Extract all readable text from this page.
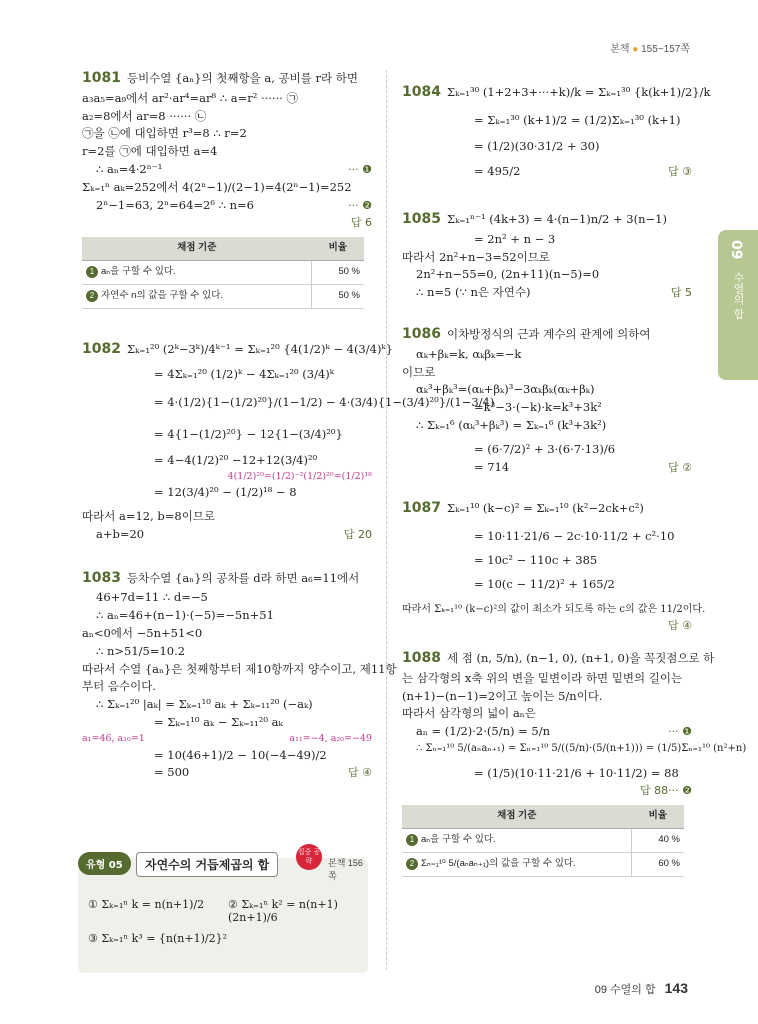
본책 ● 155~157쪽
09
수열의 합
1081 등비수열 {aₙ}의 첫째항을 a, 공비를 r라 하면
a₃a₅=a₉에서 ar²·ar⁴=ar⁸ ∴ a=r² ······ ㉠
a₂=8에서 ar=8 ······ ㉡
㉠을 ㉡에 대입하면 r³=8 ∴ r=2
r=2를 ㉠에 대입하면 a=4
∴ aₙ=4·2ⁿ⁻¹	··· ❶
Σₖ₌₁ⁿ aₖ=252에서 4(2ⁿ−1)/(2−1)=4(2ⁿ−1)=252
2ⁿ−1=63, 2ⁿ=64=2⁶ ∴ n=6	··· ❷
답 6
채점 기준	비율
1 aₙ을 구할 수 있다.	50 %
2 자연수 n의 값을 구할 수 있다.	50 %
1082 Σₖ₌₁²⁰ (2ᵏ−3ᵏ)/4ᵏ⁻¹ = Σₖ₌₁²⁰ {4(1/2)ᵏ − 4(3/4)ᵏ}
= 4Σₖ₌₁²⁰ (1/2)ᵏ − 4Σₖ₌₁²⁰ (3/4)ᵏ
= 4·(1/2){1−(1/2)²⁰}/(1−1/2) − 4·(3/4){1−(3/4)²⁰}/(1−3/4)
= 4{1−(1/2)²⁰} − 12{1−(3/4)²⁰}
= 4−4(1/2)²⁰ −12+12(3/4)²⁰
4(1/2)²⁰=(1/2)⁻²(1/2)²⁰=(1/2)¹⁸
= 12(3/4)²⁰ − (1/2)¹⁸ − 8
따라서 a=12, b=8이므로
a+b=20	답 20
1083 등차수열 {aₙ}의 공차를 d라 하면 a₆=11에서
46+7d=11 ∴ d=−5
∴ aₙ=46+(n−1)·(−5)=−5n+51
aₙ<0에서 −5n+51<0
∴ n>51/5=10.2
따라서 수열 {aₙ}은 첫째항부터 제10항까지 양수이고, 제11항
부터 음수이다.
∴ Σₖ₌₁²⁰ |aₖ| = Σₖ₌₁¹⁰ aₖ + Σₖ₌₁₁²⁰ (−aₖ)
= Σₖ₌₁¹⁰ aₖ − Σₖ₌₁₁²⁰ aₖ
a₁=46, a₁₀=1	a₁₁=−4, a₂₀=−49
= 10(46+1)/2 − 10(−4−49)/2
= 500	답 ④
유형 05	자연수의 거듭제곱의 합
집중 공략	본책 156쪽
① Σₖ₌₁ⁿ k = n(n+1)/2 ② Σₖ₌₁ⁿ k² = n(n+1)(2n+1)/6
③ Σₖ₌₁ⁿ k³ = {n(n+1)/2}²
1084 Σₖ₌₁³⁰ (1+2+3+···+k)/k = Σₖ₌₁³⁰ {k(k+1)/2}/k
= Σₖ₌₁³⁰ (k+1)/2 = (1/2)Σₖ₌₁³⁰ (k+1)
= (1/2)(30·31/2 + 30)
= 495/2	답 ③
1085 Σₖ₌₁ⁿ⁻¹ (4k+3) = 4·(n−1)n/2 + 3(n−1)
= 2n² + n − 3
따라서 2n²+n−3=52이므로
2n²+n−55=0, (2n+11)(n−5)=0
∴ n=5 (∵ n은 자연수)	답 5
1086 이차방정식의 근과 계수의 관계에 의하여
αₖ+βₖ=k, αₖβₖ=−k
이므로
αₖ³+βₖ³=(αₖ+βₖ)³−3αₖβₖ(αₖ+βₖ)
=k³−3·(−k)·k=k³+3k²
∴ Σₖ₌₁⁶ (αₖ³+βₖ³) = Σₖ₌₁⁶ (k³+3k²)
= (6·7/2)² + 3·(6·7·13)/6
= 714	답 ②
1087 Σₖ₌₁¹⁰ (k−c)² = Σₖ₌₁¹⁰ (k²−2ck+c²)
= 10·11·21/6 − 2c·10·11/2 + c²·10
= 10c² − 110c + 385
= 10(c − 11/2)² + 165/2
따라서 Σₖ₌₁¹⁰ (k−c)²의 값이 최소가 되도록 하는 c의 값은 11/2이다.
답 ④
1088 세 점 (n, 5/n), (n−1, 0), (n+1, 0)을 꼭짓점으로 하
는 삼각형의 x축 위의 변을 밑변이라 하면 밑변의 길이는
(n+1)−(n−1)=2이고 높이는 5/n이다.
따라서 삼각형의 넓이 aₙ은
aₙ = (1/2)·2·(5/n) = 5/n	··· ❶
∴ Σₙ₌₁¹⁰ 5/(aₙaₙ₊₁) = Σₙ₌₁¹⁰ 5/((5/n)·(5/(n+1))) = (1/5)Σₙ₌₁¹⁰ (n²+n)
= (1/5)(10·11·21/6 + 10·11/2) = 88
··· ❷
답 88
채점 기준	비율
1 aₙ을 구할 수 있다.	40 %
2 Σₙ₌₁¹⁰ 5/(aₙaₙ₊₁)의 값을 구할 수 있다.	60 %
09 수열의 합 143
